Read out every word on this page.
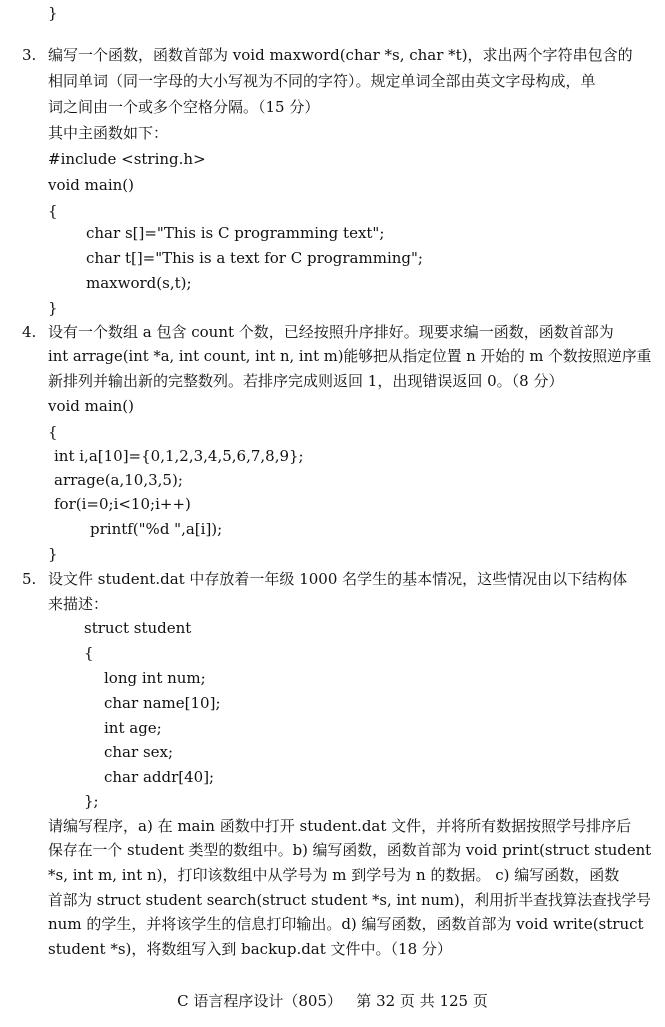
}
3. 编写一个函数，函数首部为 void maxword(char *s, char *t)，求出两个字符串包含的
相同单词（同一字母的大小写视为不同的字符）。规定单词全部由英文字母构成，单
词之间由一个或多个空格分隔。（15 分）
其中主函数如下：
#include <string.h>
void main()
{
char s[]="This is C programming text";
char t[]="This is a text for C programming";
maxword(s,t);
}
4. 设有一个数组 a 包含 count 个数，已经按照升序排好。现要求编一函数，函数首部为
int arrage(int *a, int count, int n, int m)能够把从指定位置 n 开始的 m 个数按照逆序重
新排列并输出新的完整数列。若排序完成则返回 1，出现错误返回 0。（8 分）
void main()
{
int i,a[10]={0,1,2,3,4,5,6,7,8,9};
arrage(a,10,3,5);
for(i=0;i<10;i++)
printf("%d ",a[i]);
}
5. 设文件 student.dat 中存放着一年级 1000 名学生的基本情况，这些情况由以下结构体
来描述：
struct student
{
long int num;
char name[10];
int age;
char sex;
char addr[40];
};
请编写程序，a) 在 main 函数中打开 student.dat 文件，并将所有数据按照学号排序后
保存在一个 student 类型的数组中。b) 编写函数，函数首部为 void print(struct student
*s, int m, int n)，打印该数组中从学号为 m 到学号为 n 的数据。 c) 编写函数，函数
首部为 struct student search(struct student *s, int num)，利用折半查找算法查找学号
num 的学生，并将该学生的信息打印输出。d) 编写函数，函数首部为 void write(struct
student *s)，将数组写入到 backup.dat 文件中。（18 分）
C 语言程序设计（805）   第 32 页 共 125 页
